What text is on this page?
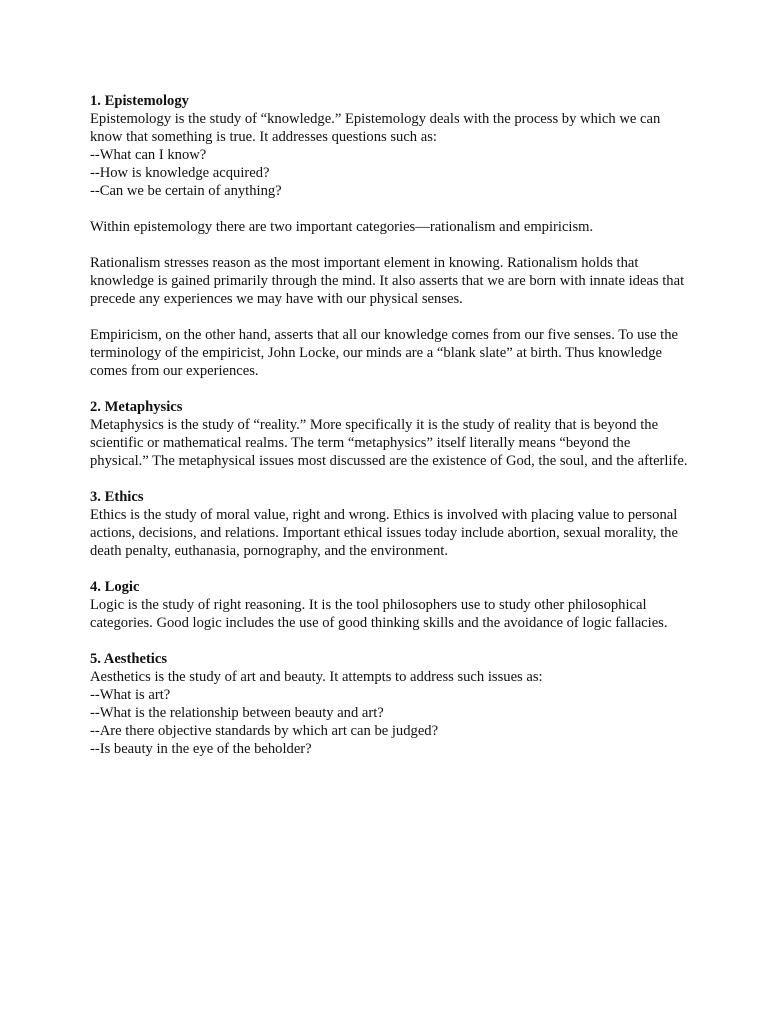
1. Epistemology
Epistemology is the study of “knowledge.” Epistemology deals with the process by which we can know that something is true. It addresses questions such as:
--What can I know?
--How is knowledge acquired?
--Can we be certain of anything?
Within epistemology there are two important categories—rationalism and empiricism.
Rationalism stresses reason as the most important element in knowing. Rationalism holds that knowledge is gained primarily through the mind. It also asserts that we are born with innate ideas that precede any experiences we may have with our physical senses.
Empiricism, on the other hand, asserts that all our knowledge comes from our five senses. To use the terminology of the empiricist, John Locke, our minds are a “blank slate” at birth. Thus knowledge comes from our experiences.
2. Metaphysics
Metaphysics is the study of “reality.” More specifically it is the study of reality that is beyond the scientific or mathematical realms. The term “metaphysics” itself literally means “beyond the physical.” The metaphysical issues most discussed are the existence of God, the soul, and the afterlife.
3. Ethics
Ethics is the study of moral value, right and wrong. Ethics is involved with placing value to personal actions, decisions, and relations. Important ethical issues today include abortion, sexual morality, the death penalty, euthanasia, pornography, and the environment.
4. Logic
Logic is the study of right reasoning. It is the tool philosophers use to study other philosophical categories. Good logic includes the use of good thinking skills and the avoidance of logic fallacies.
5. Aesthetics
Aesthetics is the study of art and beauty. It attempts to address such issues as:
--What is art?
--What is the relationship between beauty and art?
--Are there objective standards by which art can be judged?
--Is beauty in the eye of the beholder?
